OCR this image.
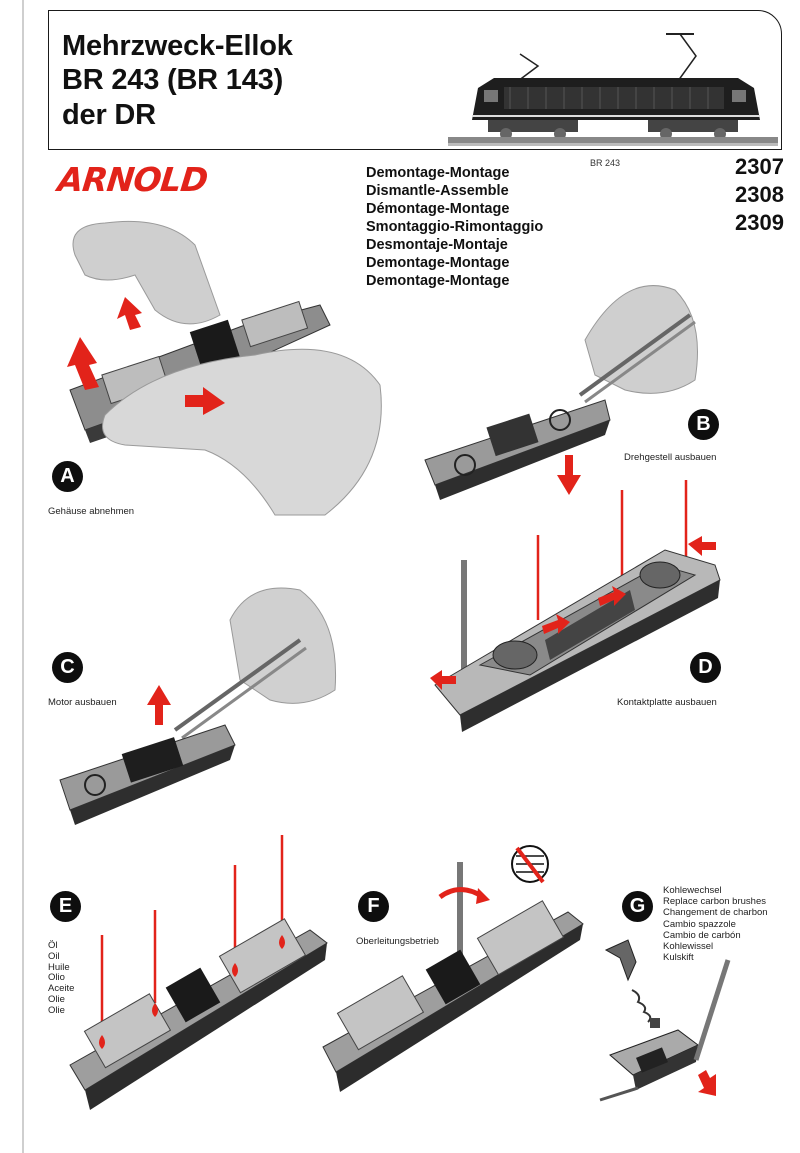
Mehrzweck-Ellok
BR 243 (BR 143)
der DR
BR 243
ARNOLD	Demontage-Montage
Dismantle-Assemble
Démontage-Montage
Smontaggio-Rimontaggio
Desmontaje-Montaje
Demontage-Montage
Demontage-Montage
2307
2308
2309
A
Gehäuse abnehmen
B
Drehgestell ausbauen
C
Motor ausbauen
D
Kontaktplatte ausbauen
E
Öl
Oil
Huile
Olio
Aceite
Olie
Olie
F
Oberleitungsbetrieb
G
Kohlewechsel
Replace carbon brushes
Changement de charbon
Cambio spazzole
Cambio de carbón
Kohlewissel
Kulskift
